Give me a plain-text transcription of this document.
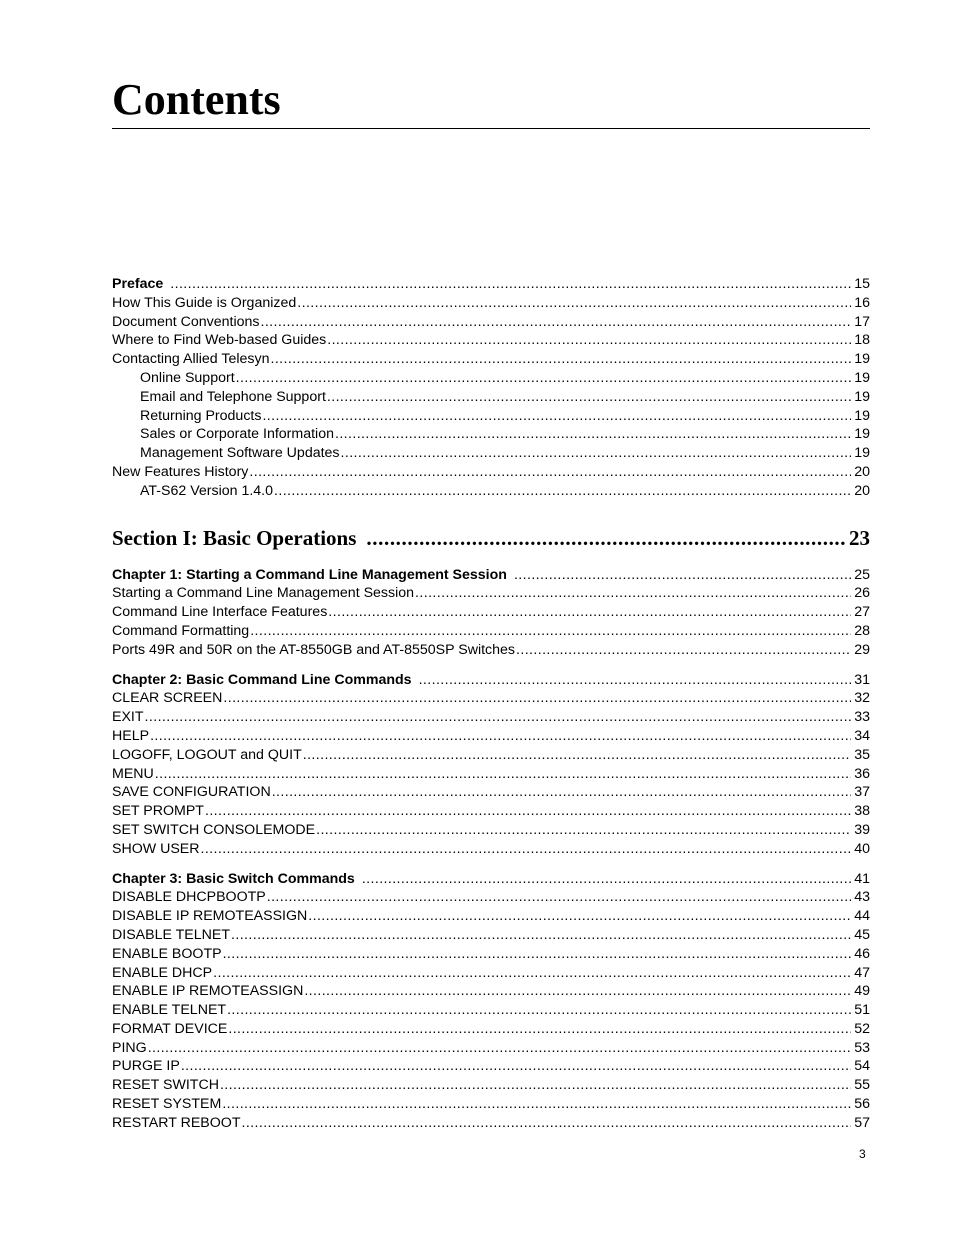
Contents
Preface .....	15
How This Guide is Organized .....	16
Document Conventions .....	17
Where to Find Web-based Guides .....	18
Contacting Allied Telesyn .....	19
Online Support .....	19
Email and Telephone Support .....	19
Returning Products .....	19
Sales or Corporate Information .....	19
Management Software Updates .....	19
New Features History .....	20
AT-S62 Version 1.4.0 .....	20
Section I: Basic Operations .....	23
Chapter 1: Starting a Command Line Management Session .....	25
Starting a Command Line Management Session .....	26
Command Line Interface Features .....	27
Command Formatting .....	28
Ports 49R and 50R on the AT-8550GB and AT-8550SP Switches .....	29
Chapter 2: Basic Command Line Commands .....	31
CLEAR SCREEN .....	32
EXIT .....	33
HELP .....	34
LOGOFF, LOGOUT and QUIT .....	35
MENU .....	36
SAVE CONFIGURATION .....	37
SET PROMPT .....	38
SET SWITCH CONSOLEMODE .....	39
SHOW USER .....	40
Chapter 3: Basic Switch Commands .....	41
DISABLE DHCPBOOTP .....	43
DISABLE IP REMOTEASSIGN .....	44
DISABLE TELNET .....	45
ENABLE BOOTP .....	46
ENABLE DHCP .....	47
ENABLE IP REMOTEASSIGN .....	49
ENABLE TELNET .....	51
FORMAT DEVICE .....	52
PING .....	53
PURGE IP .....	54
RESET SWITCH .....	55
RESET SYSTEM .....	56
RESTART REBOOT .....	57
3
